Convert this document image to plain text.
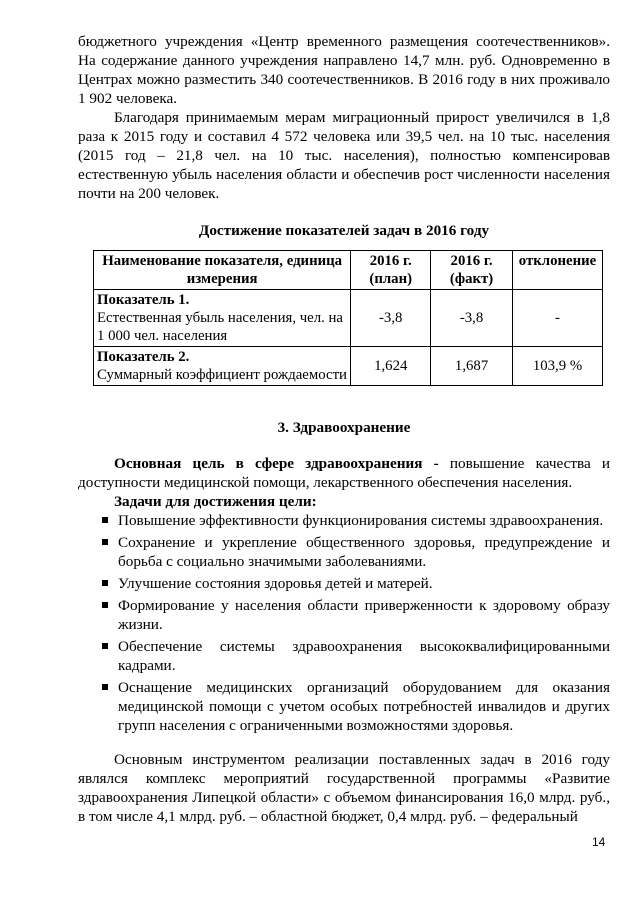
бюджетного учреждения «Центр временного размещения соотечественников». На содержание данного учреждения направлено 14,7 млн. руб. Одновременно в Центрах можно разместить 340 соотечественников. В 2016 году в них проживало 1 902 человека.

Благодаря принимаемым мерам миграционный прирост увеличился в 1,8 раза к 2015 году и составил 4 572 человека или 39,5 чел. на 10 тыс. населения (2015 год – 21,8 чел. на 10 тыс. населения), полностью компенсировав естественную убыль населения области и обеспечив рост численности населения почти на 200 человек.

Достижение показателей задач в 2016 году
Наименование показателя, единица измерения	2016 г. (план)	2016 г. (факт)	отклонение

Показатель 1.
Естественная убыль населения, чел. на 1 000 чел. населения	-3,8	-3,8	-

Показатель 2.
Суммарный коэффициент рождаемости	1,624	1,687	103,9 %
3. Здравоохранение

Основная цель в сфере здравоохранения - повышение качества и доступности медицинской помощи, лекарственного обеспечения населения.

Задачи для достижения цели:
Повышение эффективности функционирования системы здравоохранения.
Сохранение и укрепление общественного здоровья, предупреждение и борьба с социально значимыми заболеваниями.
Улучшение состояния здоровья детей и матерей.
Формирование у населения области приверженности к здоровому образу жизни.
Обеспечение системы здравоохранения высококвалифицированными кадрами.
Оснащение медицинских организаций оборудованием для оказания медицинской помощи с учетом особых потребностей инвалидов и других групп населения с ограниченными возможностями здоровья.

Основным инструментом реализации поставленных задач в 2016 году являлся комплекс мероприятий государственной программы «Развитие здравоохранения Липецкой области» с объемом финансирования 16,0 млрд. руб., в том числе 4,1 млрд. руб. – областной бюджет, 0,4 млрд. руб. – федеральный

14
